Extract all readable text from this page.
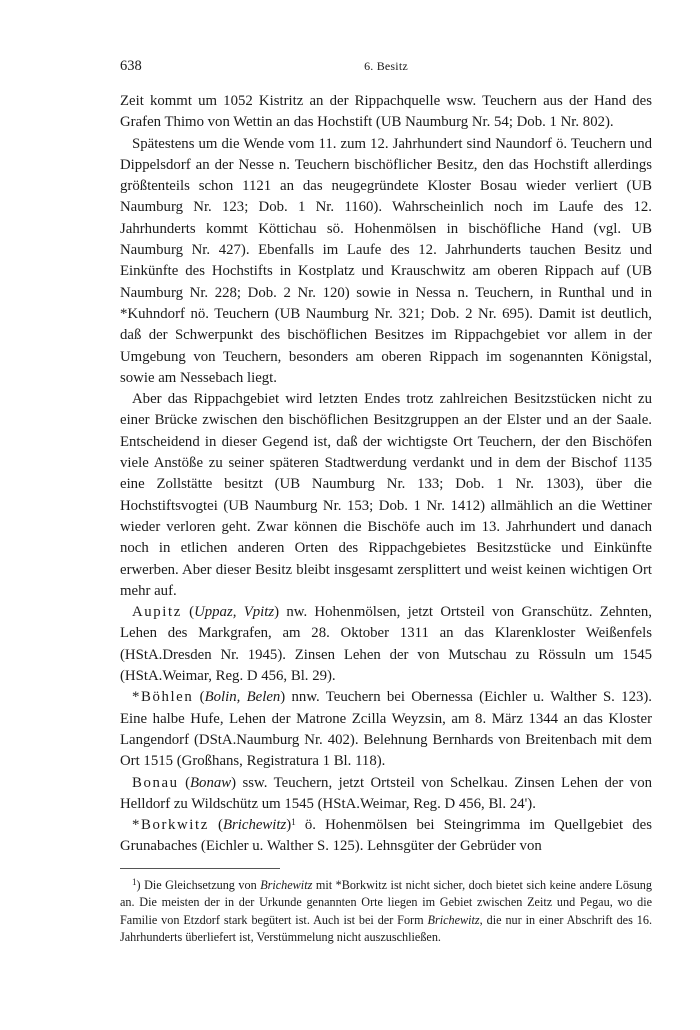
638	6. Besitz

Zeit kommt um 1052 Kistritz an der Rippachquelle wsw. Teuchern aus der Hand des Grafen Thimo von Wettin an das Hochstift (UB Naumburg Nr. 54; Dob. 1 Nr. 802).

Spätestens um die Wende vom 11. zum 12. Jahrhundert sind Naundorf ö. Teuchern und Dippelsdorf an der Nesse n. Teuchern bischöflicher Besitz, den das Hochstift allerdings größtenteils schon 1121 an das neugegründete Kloster Bosau wieder verliert (UB Naumburg Nr. 123; Dob. 1 Nr. 1160). Wahrscheinlich noch im Laufe des 12. Jahrhunderts kommt Köttichau sö. Hohenmölsen in bischöfliche Hand (vgl. UB Naumburg Nr. 427). Ebenfalls im Laufe des 12. Jahrhunderts tauchen Besitz und Einkünfte des Hochstifts in Kostplatz und Krauschwitz am oberen Rippach auf (UB Naumburg Nr. 228; Dob. 2 Nr. 120) sowie in Nessa n. Teuchern, in Runthal und in *Kuhndorf nö. Teuchern (UB Naumburg Nr. 321; Dob. 2 Nr. 695). Damit ist deutlich, daß der Schwerpunkt des bischöflichen Besitzes im Rippachgebiet vor allem in der Umgebung von Teuchern, besonders am oberen Rippach im sogenannten Königstal, sowie am Nessebach liegt.

Aber das Rippachgebiet wird letzten Endes trotz zahlreichen Besitzstücken nicht zu einer Brücke zwischen den bischöflichen Besitzgruppen an der Elster und an der Saale. Entscheidend in dieser Gegend ist, daß der wichtigste Ort Teuchern, der den Bischöfen viele Anstöße zu seiner späteren Stadtwerdung verdankt und in dem der Bischof 1135 eine Zollstätte besitzt (UB Naumburg Nr. 133; Dob. 1 Nr. 1303), über die Hochstiftsvogtei (UB Naumburg Nr. 153; Dob. 1 Nr. 1412) allmählich an die Wettiner wieder verloren geht. Zwar können die Bischöfe auch im 13. Jahrhundert und danach noch in etlichen anderen Orten des Rippachgebietes Besitzstücke und Einkünfte erwerben. Aber dieser Besitz bleibt insgesamt zersplittert und weist keinen wichtigen Ort mehr auf.

Aupitz (Uppaz, Vpitz) nw. Hohenmölsen, jetzt Ortsteil von Granschütz. Zehnten, Lehen des Markgrafen, am 28. Oktober 1311 an das Klarenkloster Weißenfels (HStA.Dresden Nr. 1945). Zinsen Lehen der von Mutschau zu Rössuln um 1545 (HStA.Weimar, Reg. D 456, Bl. 29).

*Böhlen (Bolin, Belen) nnw. Teuchern bei Obernessa (Eichler u. Walther S. 123). Eine halbe Hufe, Lehen der Matrone Zcilla Weyzsin, am 8. März 1344 an das Kloster Langendorf (DStA.Naumburg Nr. 402). Belehnung Bernhards von Breitenbach mit dem Ort 1515 (Großhans, Registratura 1 Bl. 118).

Bonau (Bonaw) ssw. Teuchern, jetzt Ortsteil von Schelkau. Zinsen Lehen der von Helldorf zu Wildschütz um 1545 (HStA.Weimar, Reg. D 456, Bl. 24').

*Borkwitz (Brichewitz)$^1$ ö. Hohenmölsen bei Steingrimma im Quellgebiet des Grunabaches (Eichler u. Walther S. 125). Lehnsgüter der Gebrüder von

$^1$) Die Gleichsetzung von Brichewitz mit *Borkwitz ist nicht sicher, doch bietet sich keine andere Lösung an. Die meisten der in der Urkunde genannten Orte liegen im Gebiet zwischen Zeitz und Pegau, wo die Familie von Etzdorf stark begütert ist. Auch ist bei der Form Brichewitz, die nur in einer Abschrift des 16. Jahrhunderts überliefert ist, Verstümmelung nicht auszuschließen.
